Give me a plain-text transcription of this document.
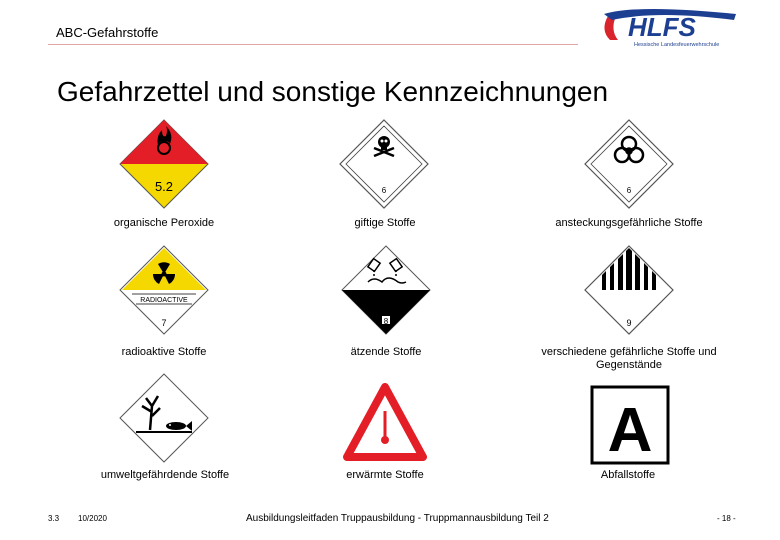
ABC-Gefahrstoffe	HLFS
Hessische Landesfeuerwehrschule
Gefahrzettel und sonstige Kennzeichnungen
5.2
organische Peroxide
6
giftige Stoffe
6
ansteckungsgefährliche Stoffe
RADIOACTIVE
7
radioaktive Stoffe
8
ätzende Stoffe
9
verschiedene gefährliche Stoffe und
Gegenstände
umweltgefährdende Stoffe	erwärmte Stoffe
A
Abfallstoffe
3.3 10/2020	Ausbildungsleitfaden Truppausbildung - Truppmannausbildung Teil 2	- 18 -
